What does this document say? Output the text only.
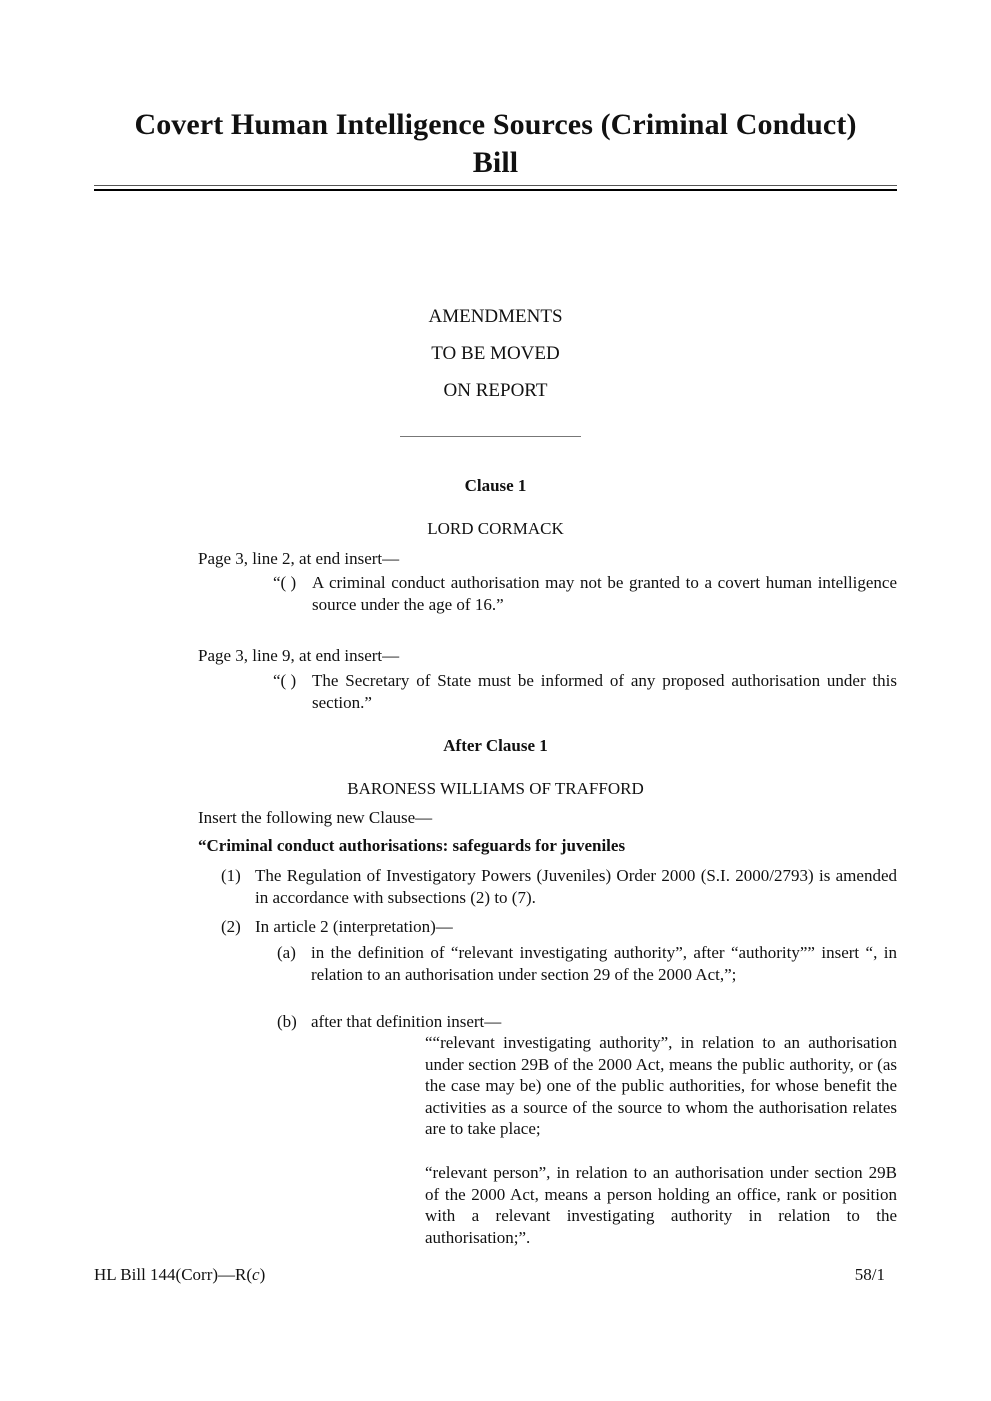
Covert Human Intelligence Sources (Criminal Conduct)
Bill
AMENDMENTS
TO BE MOVED
ON REPORT
Clause 1
LORD CORMACK
Page 3, line 2, at end insert—
“( ) A criminal conduct authorisation may not be granted to a covert human intelligence source under the age of 16.”
Page 3, line 9, at end insert—
“( ) The Secretary of State must be informed of any proposed authorisation under this section.”
After Clause 1
BARONESS WILLIAMS OF TRAFFORD
Insert the following new Clause—
“Criminal conduct authorisations: safeguards for juveniles
(1) The Regulation of Investigatory Powers (Juveniles) Order 2000 (S.I. 2000/2793) is amended in accordance with subsections (2) to (7).
(2) In article 2 (interpretation)—
(a) in the definition of “relevant investigating authority”, after “authority”” insert “, in relation to an authorisation under section 29 of the 2000 Act,”;
(b) after that definition insert—
““relevant investigating authority”, in relation to an authorisation under section 29B of the 2000 Act, means the public authority, or (as the case may be) one of the public authorities, for whose benefit the activities as a source of the source to whom the authorisation relates are to take place;
“relevant person”, in relation to an authorisation under section 29B of the 2000 Act, means a person holding an office, rank or position with a relevant investigating authority in relation to the authorisation;”.
HL Bill 144(Corr)—R(c)	58/1
